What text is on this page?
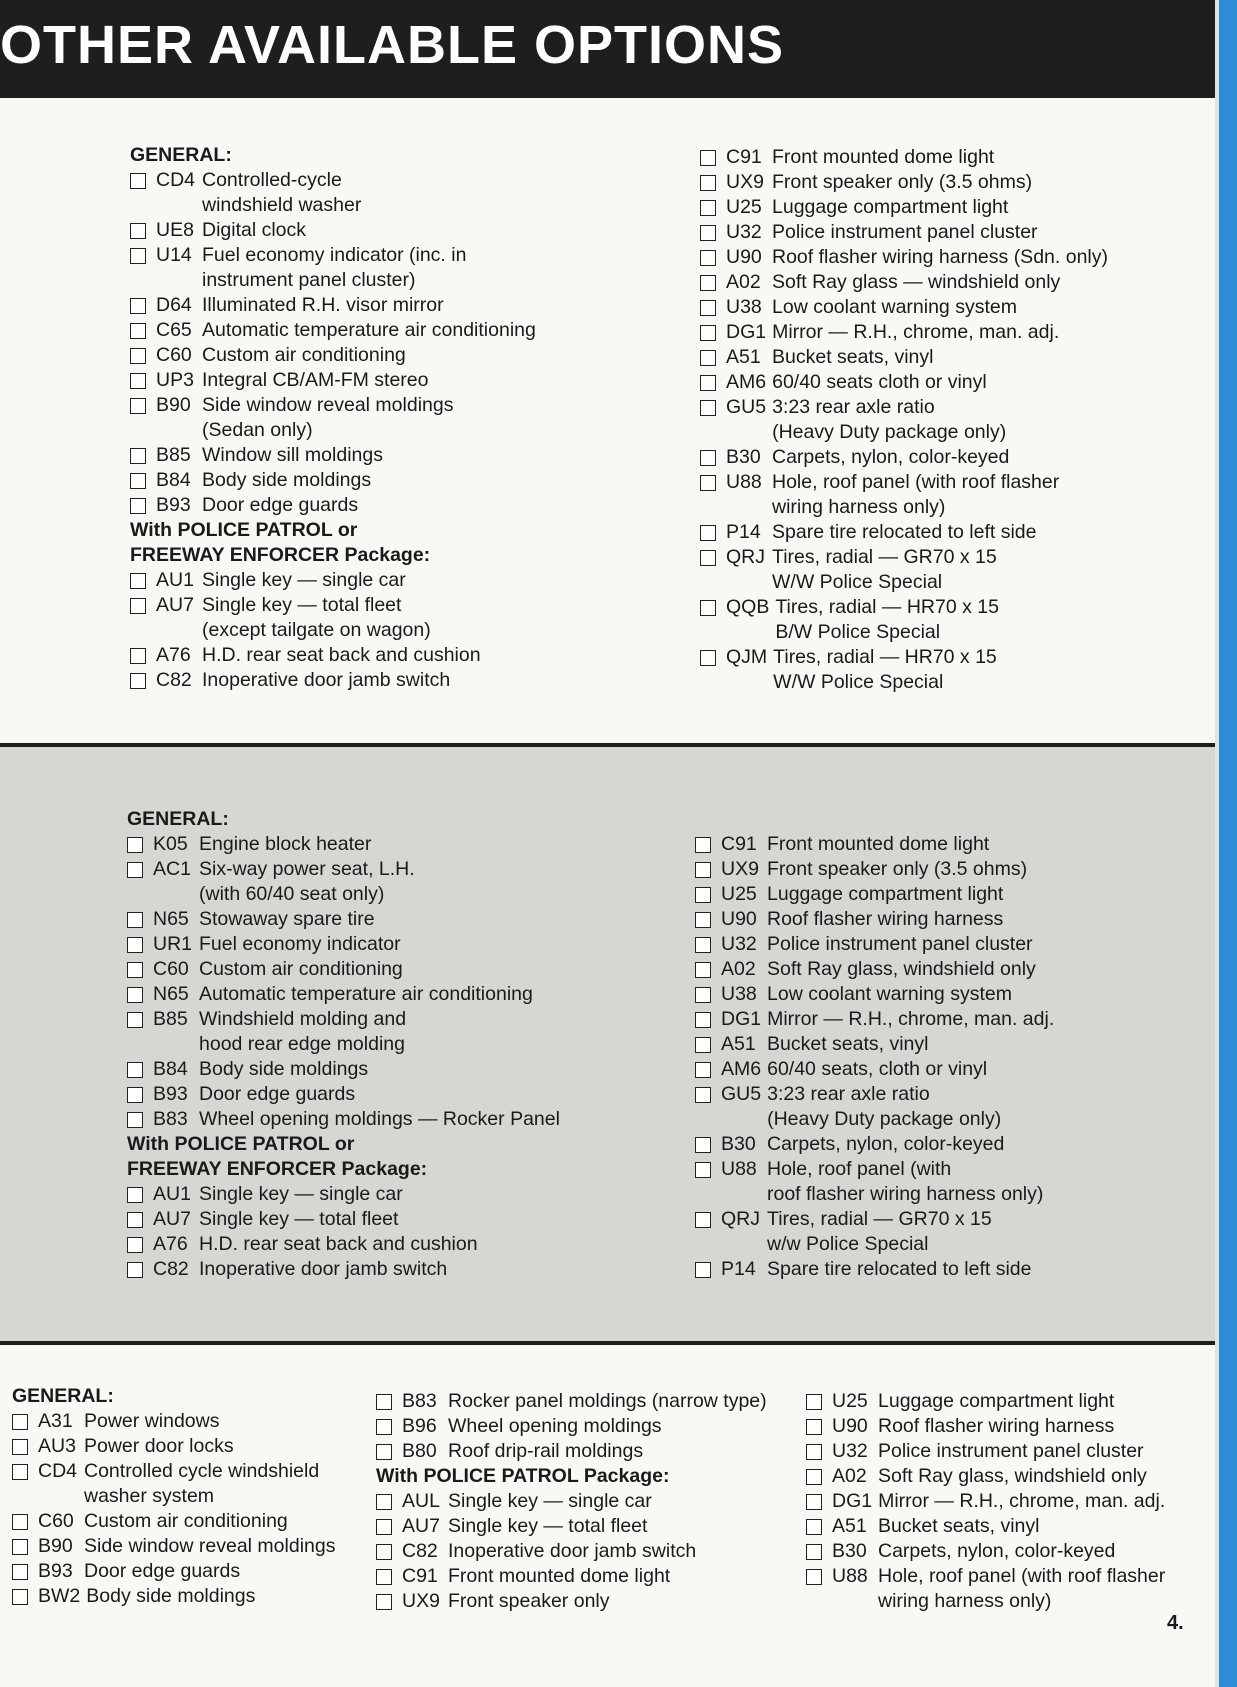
OTHER AVAILABLE OPTIONS
GENERAL:
CD4 Controlled-cycle
windshield washer
UE8 Digital clock
U14 Fuel economy indicator (inc. in
instrument panel cluster)
D64 Illuminated R.H. visor mirror
C65 Automatic temperature air conditioning
C60 Custom air conditioning
UP3 Integral CB/AM-FM stereo
B90 Side window reveal moldings
(Sedan only)
B85 Window sill moldings
B84 Body side moldings
B93 Door edge guards
With POLICE PATROL or
FREEWAY ENFORCER Package:
AU1 Single key — single car
AU7 Single key — total fleet
(except tailgate on wagon)
A76 H.D. rear seat back and cushion
C82 Inoperative door jamb switch
C91 Front mounted dome light
UX9 Front speaker only (3.5 ohms)
U25 Luggage compartment light
U32 Police instrument panel cluster
U90 Roof flasher wiring harness (Sdn. only)
A02 Soft Ray glass — windshield only
U38 Low coolant warning system
DG1 Mirror — R.H., chrome, man. adj.
A51 Bucket seats, vinyl
AM6 60/40 seats cloth or vinyl
GU5 3:23 rear axle ratio
(Heavy Duty package only)
B30 Carpets, nylon, color-keyed
U88 Hole, roof panel (with roof flasher
wiring harness only)
P14 Spare tire relocated to left side
QRJ Tires, radial — GR70 x 15
W/W Police Special
QQB Tires, radial — HR70 x 15
B/W Police Special
QJM Tires, radial — HR70 x 15
W/W Police Special
GENERAL:
K05 Engine block heater
AC1 Six-way power seat, L.H.
(with 60/40 seat only)
N65 Stowaway spare tire
UR1 Fuel economy indicator
C60 Custom air conditioning
N65 Automatic temperature air conditioning
B85 Windshield molding and
hood rear edge molding
B84 Body side moldings
B93 Door edge guards
B83 Wheel opening moldings — Rocker Panel
With POLICE PATROL or
FREEWAY ENFORCER Package:
AU1 Single key — single car
AU7 Single key — total fleet
A76 H.D. rear seat back and cushion
C82 Inoperative door jamb switch
C91 Front mounted dome light
UX9 Front speaker only (3.5 ohms)
U25 Luggage compartment light
U90 Roof flasher wiring harness
U32 Police instrument panel cluster
A02 Soft Ray glass, windshield only
U38 Low coolant warning system
DG1 Mirror — R.H., chrome, man. adj.
A51 Bucket seats, vinyl
AM6 60/40 seats, cloth or vinyl
GU5 3:23 rear axle ratio
(Heavy Duty package only)
B30 Carpets, nylon, color-keyed
U88 Hole, roof panel (with
roof flasher wiring harness only)
QRJ Tires, radial — GR70 x 15
w/w Police Special
P14 Spare tire relocated to left side
GENERAL:
A31 Power windows
AU3 Power door locks
CD4 Controlled cycle windshield
washer system
C60 Custom air conditioning
B90 Side window reveal moldings
B93 Door edge guards
BW2 Body side moldings
B83 Rocker panel moldings (narrow type)
B96 Wheel opening moldings
B80 Roof drip-rail moldings
With POLICE PATROL Package:
AUL Single key — single car
AU7 Single key — total fleet
C82 Inoperative door jamb switch
C91 Front mounted dome light
UX9 Front speaker only
U25 Luggage compartment light
U90 Roof flasher wiring harness
U32 Police instrument panel cluster
A02 Soft Ray glass, windshield only
DG1 Mirror — R.H., chrome, man. adj.
A51 Bucket seats, vinyl
B30 Carpets, nylon, color-keyed
U88 Hole, roof panel (with roof flasher
wiring harness only)
4.
